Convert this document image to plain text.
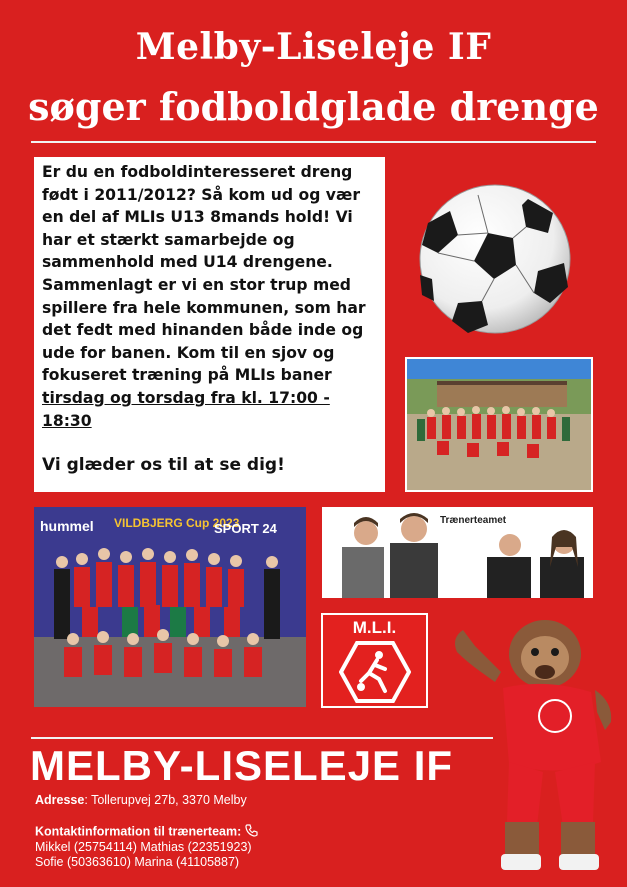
Melby-Liseleje IF
søger fodboldglade drenge

Er du en fodboldinteresseret dreng født i 2011/2012? Så kom ud og vær en del af MLIs U13 8mands hold! Vi har et stærkt samarbejde og sammenhold med U14 drengene. Sammenlagt er vi en stor trup med spillere fra hele kommunen, som har det fedt med hinanden både inde og ude for banen. Kom til en sjov og fokuseret træning på MLIs baner

tirsdag og torsdag fra kl. 17:00 - 18:30

Vi glæder os til at se dig!

hummel VILDBJERG Cup 2023
SPORT 24
Trænerteamet
M.L.I.
MELBY-LISELEJE IF
Adresse: Tollerupvej 27b, 3370 Melby
Kontaktinformation til trænerteam:
Mikkel (25754114) Mathias (22351923)
Sofie (50363610) Marina (41105887)
